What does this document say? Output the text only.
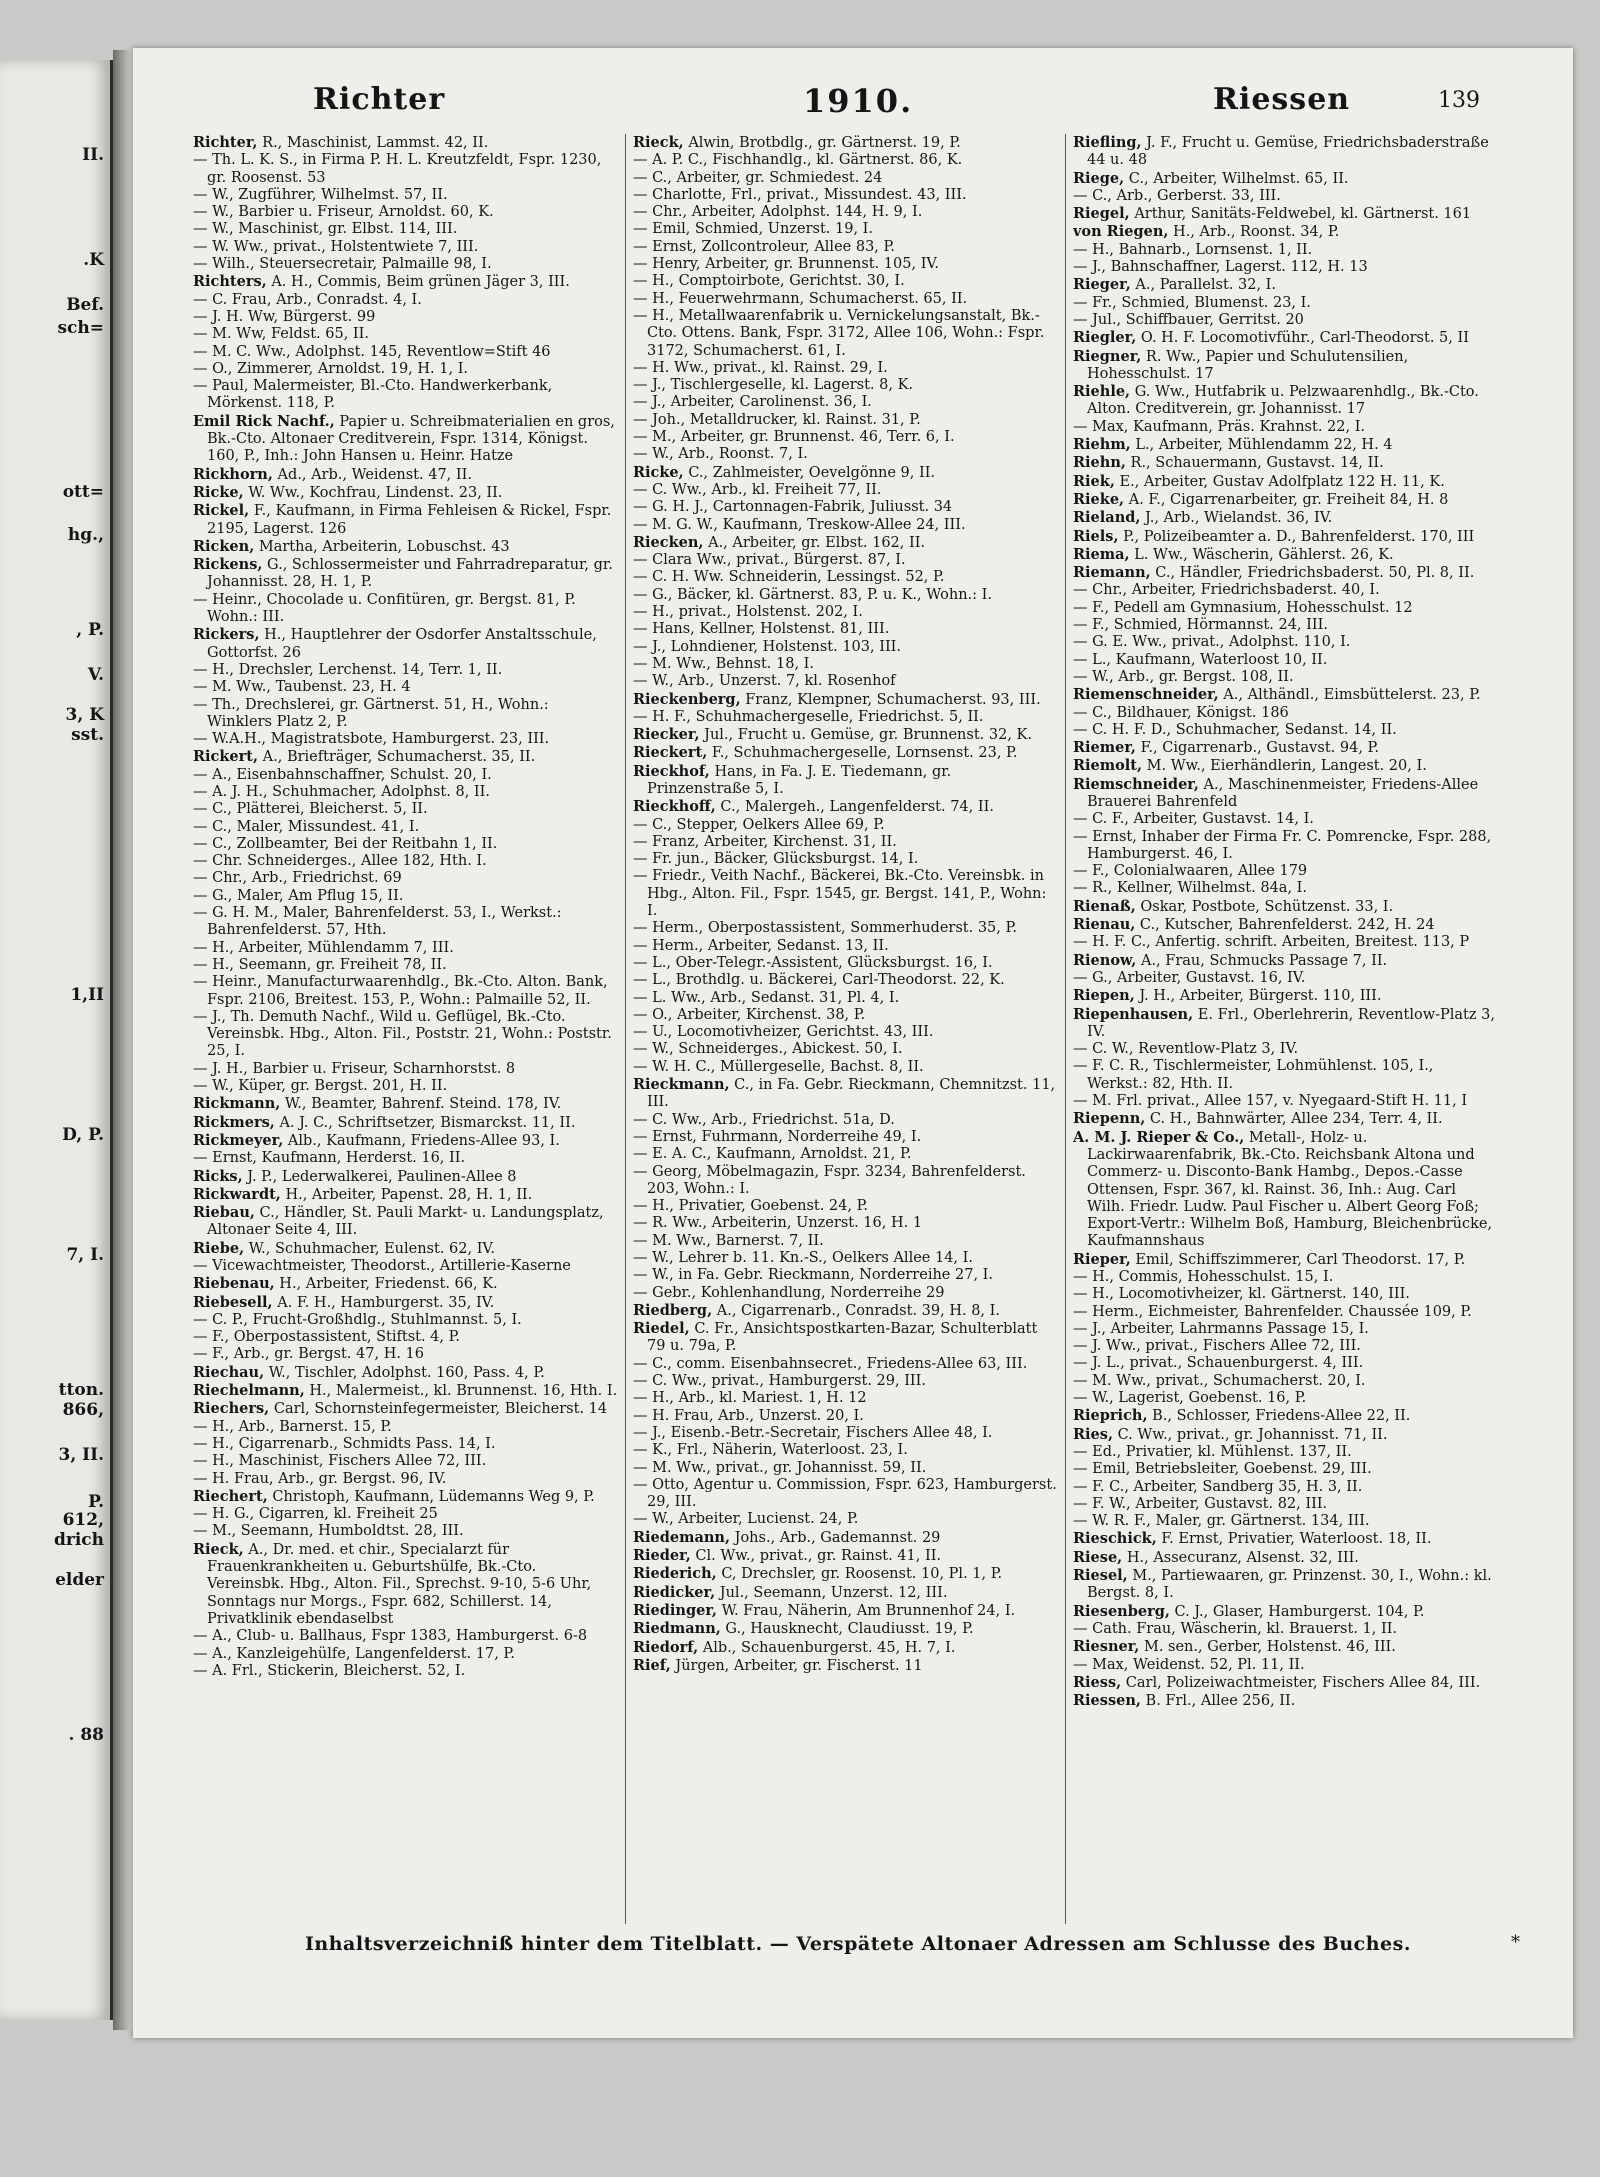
II.
.K
Bef.
sch=
ott=
hg.,
, P.
V.
3, K
sst.
1,II
D, P.
7, I.
tton.
866,
3, II.
P.
612,
drich
elder
. 88
Richter	1910.	Riessen	139

Richter, R., Maschinist, Lammst. 42, II.

— Th. L. K. S., in Firma P. H. L. Kreutzfeldt, Fspr. 1230, gr. Roosenst. 53

— W., Zugführer, Wilhelmst. 57, II.

— W., Barbier u. Friseur, Arnoldst. 60, K.

— W., Maschinist, gr. Elbst. 114, III.

— W. Ww., privat., Holstentwiete 7, III.

— Wilh., Steuersecretair, Palmaille 98, I.

Richters, A. H., Commis, Beim grünen Jäger 3, III.

— C. Frau, Arb., Conradst. 4, I.

— J. H. Ww, Bürgerst. 99

— M. Ww, Feldst. 65, II.

— M. C. Ww., Adolphst. 145, Reventlow=Stift 46

— O., Zimmerer, Arnoldst. 19, H. 1, I.

— Paul, Malermeister, Bl.-Cto. Handwerkerbank, Mörkenst. 118, P.

Emil Rick Nachf., Papier u. Schreibmaterialien en gros, Bk.-Cto. Altonaer Creditverein, Fspr. 1314, Königst. 160, P., Inh.: John Hansen u. Heinr. Hatze

Rickhorn, Ad., Arb., Weidenst. 47, II.

Ricke, W. Ww., Kochfrau, Lindenst. 23, II.

Rickel, F., Kaufmann, in Firma Fehleisen & Rickel, Fspr. 2195, Lagerst. 126

Ricken, Martha, Arbeiterin, Lobuschst. 43

Rickens, G., Schlossermeister und Fahrradreparatur, gr. Johannisst. 28, H. 1, P.

— Heinr., Chocolade u. Confitüren, gr. Bergst. 81, P. Wohn.: III.

Rickers, H., Hauptlehrer der Osdorfer Anstaltsschule, Gottorfst. 26

— H., Drechsler, Lerchenst. 14, Terr. 1, II.

— M. Ww., Taubenst. 23, H. 4

— Th., Drechslerei, gr. Gärtnerst. 51, H., Wohn.: Winklers Platz 2, P.

— W.A.H., Magistratsbote, Hamburgerst. 23, III.

Rickert, A., Briefträger, Schumacherst. 35, II.

— A., Eisenbahnschaffner, Schulst. 20, I.

— A. J. H., Schuhmacher, Adolphst. 8, II.

— C., Plätterei, Bleicherst. 5, II.

— C., Maler, Missundest. 41, I.

— C., Zollbeamter, Bei der Reitbahn 1, II.

— Chr. Schneiderges., Allee 182, Hth. I.

— Chr., Arb., Friedrichst. 69

— G., Maler, Am Pflug 15, II.

— G. H. M., Maler, Bahrenfelderst. 53, I., Werkst.: Bahrenfelderst. 57, Hth.

— H., Arbeiter, Mühlendamm 7, III.

— H., Seemann, gr. Freiheit 78, II.

— Heinr., Manufacturwaarenhdlg., Bk.-Cto. Alton. Bank, Fspr. 2106, Breitest. 153, P., Wohn.: Palmaille 52, II.

— J., Th. Demuth Nachf., Wild u. Geflügel, Bk.-Cto. Vereinsbk. Hbg., Alton. Fil., Poststr. 21, Wohn.: Poststr. 25, I.

— J. H., Barbier u. Friseur, Scharnhorstst. 8

— W., Küper, gr. Bergst. 201, H. II.

Rickmann, W., Beamter, Bahrenf. Steind. 178, IV.

Rickmers, A. J. C., Schriftsetzer, Bismarckst. 11, II.

Rickmeyer, Alb., Kaufmann, Friedens-Allee 93, I.

— Ernst, Kaufmann, Herderst. 16, II.

Ricks, J. P., Lederwalkerei, Paulinen-Allee 8

Rickwardt, H., Arbeiter, Papenst. 28, H. 1, II.

Riebau, C., Händler, St. Pauli Markt- u. Landungsplatz, Altonaer Seite 4, III.

Riebe, W., Schuhmacher, Eulenst. 62, IV.

— Vicewachtmeister, Theodorst., Artillerie-Kaserne

Riebenau, H., Arbeiter, Friedenst. 66, K.

Riebesell, A. F. H., Hamburgerst. 35, IV.

— C. P., Frucht-Großhdlg., Stuhlmannst. 5, I.

— F., Oberpostassistent, Stiftst. 4, P.

— F., Arb., gr. Bergst. 47, H. 16

Riechau, W., Tischler, Adolphst. 160, Pass. 4, P.

Riechelmann, H., Malermeist., kl. Brunnenst. 16, Hth. I.

Riechers, Carl, Schornsteinfegermeister, Bleicherst. 14

— H., Arb., Barnerst. 15, P.

— H., Cigarrenarb., Schmidts Pass. 14, I.

— H., Maschinist, Fischers Allee 72, III.

— H. Frau, Arb., gr. Bergst. 96, IV.

Riechert, Christoph, Kaufmann, Lüdemanns Weg 9, P.

— H. G., Cigarren, kl. Freiheit 25

— M., Seemann, Humboldtst. 28, III.

Rieck, A., Dr. med. et chir., Specialarzt für Frauenkrankheiten u. Geburtshülfe, Bk.-Cto. Vereinsbk. Hbg., Alton. Fil., Sprechst. 9-10, 5-6 Uhr, Sonntags nur Morgs., Fspr. 682, Schillerst. 14, Privatklinik ebendaselbst

— A., Club- u. Ballhaus, Fspr 1383, Hamburgerst. 6-8

— A., Kanzleigehülfe, Langenfelderst. 17, P.

— A. Frl., Stickerin, Bleicherst. 52, I.

Rieck, Alwin, Brotbdlg., gr. Gärtnerst. 19, P.

— A. P. C., Fischhandlg., kl. Gärtnerst. 86, K.

— C., Arbeiter, gr. Schmiedest. 24

— Charlotte, Frl., privat., Missundest. 43, III.

— Chr., Arbeiter, Adolphst. 144, H. 9, I.

— Emil, Schmied, Unzerst. 19, I.

— Ernst, Zollcontroleur, Allee 83, P.

— Henry, Arbeiter, gr. Brunnenst. 105, IV.

— H., Comptoirbote, Gerichtst. 30, I.

— H., Feuerwehrmann, Schumacherst. 65, II.

— H., Metallwaarenfabrik u. Vernickelungsanstalt, Bk.-Cto. Ottens. Bank, Fspr. 3172, Allee 106, Wohn.: Fspr. 3172, Schumacherst. 61, I.

— H. Ww., privat., kl. Rainst. 29, I.

— J., Tischlergeselle, kl. Lagerst. 8, K.

— J., Arbeiter, Carolinenst. 36, I.

— Joh., Metalldrucker, kl. Rainst. 31, P.

— M., Arbeiter, gr. Brunnenst. 46, Terr. 6, I.

— W., Arb., Roonst. 7, I.

Ricke, C., Zahlmeister, Oevelgönne 9, II.

— C. Ww., Arb., kl. Freiheit 77, II.

— G. H. J., Cartonnagen-Fabrik, Juliusst. 34

— M. G. W., Kaufmann, Treskow-Allee 24, III.

Riecken, A., Arbeiter, gr. Elbst. 162, II.

— Clara Ww., privat., Bürgerst. 87, I.

— C. H. Ww. Schneiderin, Lessingst. 52, P.

— G., Bäcker, kl. Gärtnerst. 83, P. u. K., Wohn.: I.

— H., privat., Holstenst. 202, I.

— Hans, Kellner, Holstenst. 81, III.

— J., Lohndiener, Holstenst. 103, III.

— M. Ww., Behnst. 18, I.

— W., Arb., Unzerst. 7, kl. Rosenhof

Rieckenberg, Franz, Klempner, Schumacherst. 93, III.

— H. F., Schuhmachergeselle, Friedrichst. 5, II.

Riecker, Jul., Frucht u. Gemüse, gr. Brunnenst. 32, K.

Rieckert, F., Schuhmachergeselle, Lornsenst. 23, P.

Rieckhof, Hans, in Fa. J. E. Tiedemann, gr. Prinzenstraße 5, I.

Rieckhoff, C., Malergeh., Langenfelderst. 74, II.

— C., Stepper, Oelkers Allee 69, P.

— Franz, Arbeiter, Kirchenst. 31, II.

— Fr. jun., Bäcker, Glücksburgst. 14, I.

— Friedr., Veith Nachf., Bäckerei, Bk.-Cto. Vereinsbk. in Hbg., Alton. Fil., Fspr. 1545, gr. Bergst. 141, P., Wohn: I.

— Herm., Oberpostassistent, Sommerhuderst. 35, P.

— Herm., Arbeiter, Sedanst. 13, II.

— L., Ober-Telegr.-Assistent, Glücksburgst. 16, I.

— L., Brothdlg. u. Bäckerei, Carl-Theodorst. 22, K.

— L. Ww., Arb., Sedanst. 31, Pl. 4, I.

— O., Arbeiter, Kirchenst. 38, P.

— U., Locomotivheizer, Gerichtst. 43, III.

— W., Schneiderges., Abickest. 50, I.

— W. H. C., Müllergeselle, Bachst. 8, II.

Rieckmann, C., in Fa. Gebr. Rieckmann, Chemnitzst. 11, III.

— C. Ww., Arb., Friedrichst. 51a, D.

— Ernst, Fuhrmann, Norderreihe 49, I.

— E. A. C., Kaufmann, Arnoldst. 21, P.

— Georg, Möbelmagazin, Fspr. 3234, Bahrenfelderst. 203, Wohn.: I.

— H., Privatier, Goebenst. 24, P.

— R. Ww., Arbeiterin, Unzerst. 16, H. 1

— M. Ww., Barnerst. 7, II.

— W., Lehrer b. 11. Kn.-S., Oelkers Allee 14, I.

— W., in Fa. Gebr. Rieckmann, Norderreihe 27, I.

— Gebr., Kohlenhandlung, Norderreihe 29

Riedberg, A., Cigarrenarb., Conradst. 39, H. 8, I.

Riedel, C. Fr., Ansichtspostkarten-Bazar, Schulterblatt 79 u. 79a, P.

— C., comm. Eisenbahnsecret., Friedens-Allee 63, III.

— C. Ww., privat., Hamburgerst. 29, III.

— H., Arb., kl. Mariest. 1, H. 12

— H. Frau, Arb., Unzerst. 20, I.

— J., Eisenb.-Betr.-Secretair, Fischers Allee 48, I.

— K., Frl., Näherin, Waterloost. 23, I.

— M. Ww., privat., gr. Johannisst. 59, II.

— Otto, Agentur u. Commission, Fspr. 623, Hamburgerst. 29, III.

— W., Arbeiter, Lucienst. 24, P.

Riedemann, Johs., Arb., Gademannst. 29

Rieder, Cl. Ww., privat., gr. Rainst. 41, II.

Riederich, C, Drechsler, gr. Roosenst. 10, Pl. 1, P.

Riedicker, Jul., Seemann, Unzerst. 12, III.

Riedinger, W. Frau, Näherin, Am Brunnenhof 24, I.

Riedmann, G., Hausknecht, Claudiusst. 19, P.

Riedorf, Alb., Schauenburgerst. 45, H. 7, I.

Rief, Jürgen, Arbeiter, gr. Fischerst. 11

Riefling, J. F., Frucht u. Gemüse, Friedrichsbaderstraße 44 u. 48

Riege, C., Arbeiter, Wilhelmst. 65, II.

— C., Arb., Gerberst. 33, III.

Riegel, Arthur, Sanitäts-Feldwebel, kl. Gärtnerst. 161

von Riegen, H., Arb., Roonst. 34, P.

— H., Bahnarb., Lornsenst. 1, II.

— J., Bahnschaffner, Lagerst. 112, H. 13

Rieger, A., Parallelst. 32, I.

— Fr., Schmied, Blumenst. 23, I.

— Jul., Schiffbauer, Gerritst. 20

Riegler, O. H. F. Locomotivführ., Carl-Theodorst. 5, II

Riegner, R. Ww., Papier und Schulutensilien, Hohesschulst. 17

Riehle, G. Ww., Hutfabrik u. Pelzwaarenhdlg., Bk.-Cto. Alton. Creditverein, gr. Johannisst. 17

— Max, Kaufmann, Präs. Krahnst. 22, I.

Riehm, L., Arbeiter, Mühlendamm 22, H. 4

Riehn, R., Schauermann, Gustavst. 14, II.

Riek, E., Arbeiter, Gustav Adolfplatz 122 H. 11, K.

Rieke, A. F., Cigarrenarbeiter, gr. Freiheit 84, H. 8

Rieland, J., Arb., Wielandst. 36, IV.

Riels, P., Polizeibeamter a. D., Bahrenfelderst. 170, III

Riema, L. Ww., Wäscherin, Gählerst. 26, K.

Riemann, C., Händler, Friedrichsbaderst. 50, Pl. 8, II.

— Chr., Arbeiter, Friedrichsbaderst. 40, I.

— F., Pedell am Gymnasium, Hohesschulst. 12

— F., Schmied, Hörmannst. 24, III.

— G. E. Ww., privat., Adolphst. 110, I.

— L., Kaufmann, Waterloost 10, II.

— W., Arb., gr. Bergst. 108, II.

Riemenschneider, A., Althändl., Eimsbüttelerst. 23, P.

— C., Bildhauer, Königst. 186

— C. H. F. D., Schuhmacher, Sedanst. 14, II.

Riemer, F., Cigarrenarb., Gustavst. 94, P.

Riemolt, M. Ww., Eierhändlerin, Langest. 20, I.

Riemschneider, A., Maschinenmeister, Friedens-Allee Brauerei Bahrenfeld

— C. F., Arbeiter, Gustavst. 14, I.

— Ernst, Inhaber der Firma Fr. C. Pomrencke, Fspr. 288, Hamburgerst. 46, I.

— F., Colonialwaaren, Allee 179

— R., Kellner, Wilhelmst. 84a, I.

Rienaß, Oskar, Postbote, Schützenst. 33, I.

Rienau, C., Kutscher, Bahrenfelderst. 242, H. 24

— H. F. C., Anfertig. schrift. Arbeiten, Breitest. 113, P

Rienow, A., Frau, Schmucks Passage 7, II.

— G., Arbeiter, Gustavst. 16, IV.

Riepen, J. H., Arbeiter, Bürgerst. 110, III.

Riepenhausen, E. Frl., Oberlehrerin, Reventlow-Platz 3, IV.

— C. W., Reventlow-Platz 3, IV.

— F. C. R., Tischlermeister, Lohmühlenst. 105, I., Werkst.: 82, Hth. II.

— M. Frl. privat., Allee 157, v. Nyegaard-Stift H. 11, I

Riepenn, C. H., Bahnwärter, Allee 234, Terr. 4, II.

A. M. J. Rieper & Co., Metall-, Holz- u. Lackirwaarenfabrik, Bk.-Cto. Reichsbank Altona und Commerz- u. Disconto-Bank Hambg., Depos.-Casse Ottensen, Fspr. 367, kl. Rainst. 36, Inh.: Aug. Carl Wilh. Friedr. Ludw. Paul Fischer u. Albert Georg Foß; Export-Vertr.: Wilhelm Boß, Hamburg, Bleichenbrücke, Kaufmannshaus

Rieper, Emil, Schiffszimmerer, Carl Theodorst. 17, P.

— H., Commis, Hohesschulst. 15, I.

— H., Locomotivheizer, kl. Gärtnerst. 140, III.

— Herm., Eichmeister, Bahrenfelder. Chaussée 109, P.

— J., Arbeiter, Lahrmanns Passage 15, I.

— J. Ww., privat., Fischers Allee 72, III.

— J. L., privat., Schauenburgerst. 4, III.

— M. Ww., privat., Schumacherst. 20, I.

— W., Lagerist, Goebenst. 16, P.

Rieprich, B., Schlosser, Friedens-Allee 22, II.

Ries, C. Ww., privat., gr. Johannisst. 71, II.

— Ed., Privatier, kl. Mühlenst. 137, II.

— Emil, Betriebsleiter, Goebenst. 29, III.

— F. C., Arbeiter, Sandberg 35, H. 3, II.

— F. W., Arbeiter, Gustavst. 82, III.

— W. R. F., Maler, gr. Gärtnerst. 134, III.

Rieschick, F. Ernst, Privatier, Waterloost. 18, II.

Riese, H., Assecuranz, Alsenst. 32, III.

Riesel, M., Partiewaaren, gr. Prinzenst. 30, I., Wohn.: kl. Bergst. 8, I.

Riesenberg, C. J., Glaser, Hamburgerst. 104, P.

— Cath. Frau, Wäscherin, kl. Brauerst. 1, II.

Riesner, M. sen., Gerber, Holstenst. 46, III.

— Max, Weidenst. 52, Pl. 11, II.

Riess, Carl, Polizeiwachtmeister, Fischers Allee 84, III.

Riessen, B. Frl., Allee 256, II.

Inhaltsverzeichniß hinter dem Titelblatt. — Verspätete Altonaer Adressen am Schlusse des Buches.	*
